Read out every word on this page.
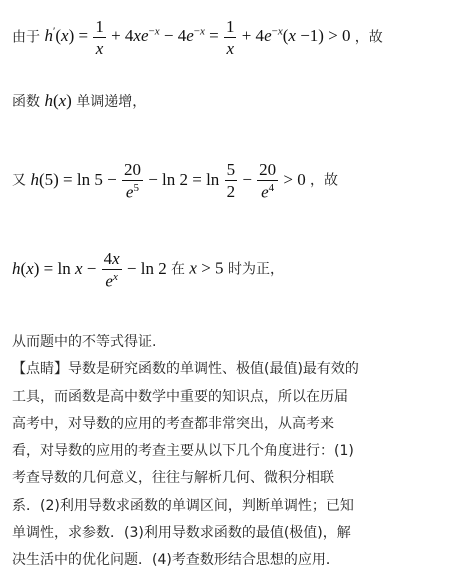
由于 $h'(x) = \frac{1}{x} + 4xe^{-x} - 4e^{-x} = \frac{1}{x} + 4e^{-x}(x -1) > 0$ ，故
函数 h(x) 单调递增，
又 $h(5) = \ln 5 - \frac{20}{e^5} - \ln 2 = \ln \frac{5}{2} - \frac{20}{e^4} > 0$ ，故
$h(x) = \ln x - \frac{4x}{e^x} - \ln 2$ 在 x > 5 时为正，

从而题中的不等式得证.

【点睛】导数是研究函数的单调性、极值(最值)最有效的

工具，而函数是高中数学中重要的知识点，所以在历届

高考中，对导数的应用的考查都非常突出，从高考来

看，对导数的应用的考查主要从以下几个角度进行：(1)

考查导数的几何意义，往往与解析几何、微积分相联

系．(2)利用导数求函数的单调区间，判断单调性；已知

单调性，求参数．(3)利用导数求函数的最值(极值)，解

决生活中的优化问题．(4)考查数形结合思想的应用．
